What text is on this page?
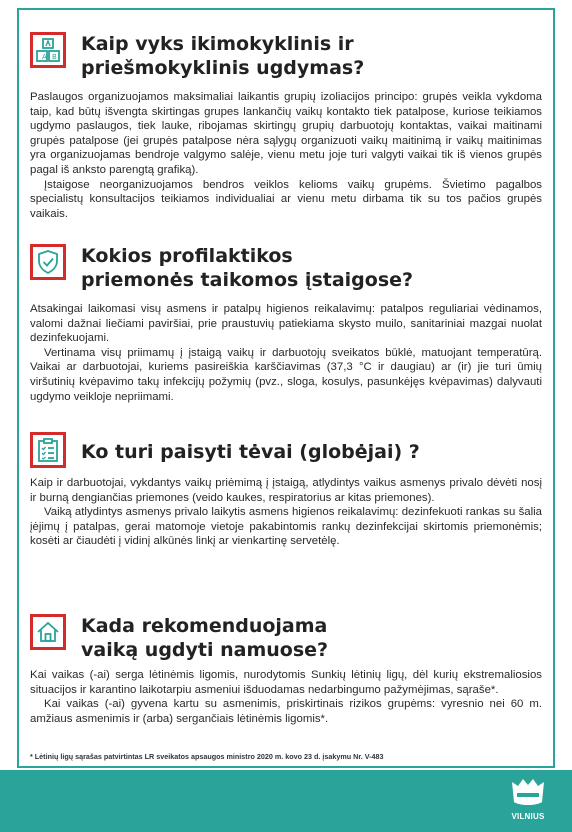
A B
Kaip vyks ikimokyklinis ir
priešmokyklinis ugdymas?

Paslaugos organizuojamos maksimaliai laikantis grupių izoliacijos principo: grupės veikla vykdoma taip, kad būtų išvengta skirtingas grupes lankančių vaikų kontakto tiek patalpose, kuriose teikiamos ugdymo paslaugos, tiek lauke, ribojamas skirtingų grupių darbuotojų kontaktas, vaikai maitinami grupės patalpose (jei grupės patalpose nėra sąlygų organizuoti vaikų maitinimą ir vaikų maitinimas yra organizuojamas bendroje valgymo salėje, vienu metu joje turi valgyti vaikai tik iš vienos grupės pagal iš anksto parengtą grafiką).

Įstaigose neorganizuojamos bendros veiklos kelioms vaikų grupėms. Švietimo pagalbos specialistų konsultacijos teikiamos individualiai ar vienu metu dirbama tik su tos pačios grupės vaikais.

Kokios profilaktikos
priemonės taikomos įstaigose?

Atsakingai laikomasi visų asmens ir patalpų higienos reikalavimų: patalpos reguliariai vėdinamos, valomi dažnai liečiami paviršiai, prie praustuvių patiekiama skysto muilo, sanitariniai mazgai nuolat dezinfekuojami.

Vertinama visų priimamų į įstaigą vaikų ir darbuotojų sveikatos būklė, matuojant temperatūrą. Vaikai ar darbuotojai, kuriems pasireiškia karščiavimas (37,3 °C ir daugiau) ar (ir) jie turi ūmių viršutinių kvėpavimo takų infekcijų požymių (pvz., sloga, kosulys, pasunkėjęs kvėpavimas) dalyvauti ugdymo veikloje nepriimami.

Ko turi paisyti tėvai (globėjai) ?

Kaip ir darbuotojai, vykdantys vaikų priėmimą į įstaigą, atlydintys vaikus asmenys privalo dėvėti nosį ir burną dengiančias priemones (veido kaukes, respiratorius ar kitas priemones).

Vaiką atlydintys asmenys privalo laikytis asmens higienos reikalavimų: dezinfekuoti rankas su šalia įėjimų į patalpas, gerai matomoje vietoje pakabintomis rankų dezinfekcijai skirtomis priemonėmis; kosėti ar čiaudėti į vidinį alkūnės linkį ar vienkartinę servetėlę.

Kada rekomenduojama
vaiką ugdyti namuose?

Kai vaikas (-ai) serga lėtinėmis ligomis, nurodytomis Sunkių lėtinių ligų, dėl kurių ekstremaliosios situacijos ir karantino laikotarpiu asmeniui išduodamas nedarbingumo pažymėjimas, sąraše*.

Kai vaikas (-ai) gyvena kartu su asmenimis, priskirtinais rizikos grupėms: vyresnio nei 60 m. amžiaus asmenimis ir (arba) sergančiais lėtinėmis ligomis*.

* Lėtinių ligų sąrašas patvirtintas LR sveikatos apsaugos ministro 2020 m. kovo 23 d. įsakymu Nr. V-483
VILNIUS
